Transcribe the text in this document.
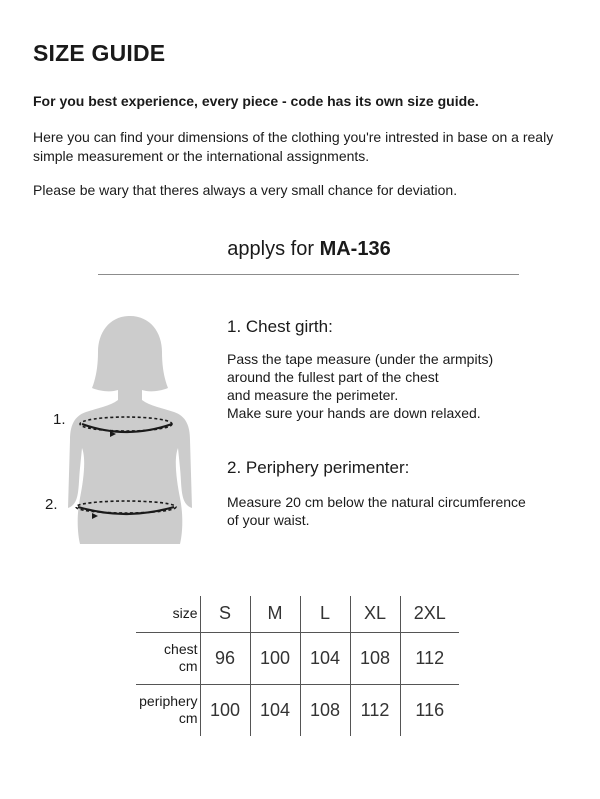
SIZE GUIDE
For you best experience, every piece - code has its own size guide.
Here you can find your dimensions of the clothing you're intrested in base on a realy simple measurement or the international assignments.
Please be wary that theres always a very small chance for deviation.
applys for MA-136
1.
2.
1. Chest girth:
Pass the tape measure (under the armpits)
around the fullest part of the chest
and measure the perimeter.
Make sure your hands are down relaxed.
2. Periphery perimenter:
Measure 20 cm below the natural circumference
of your waist.
size	S	M	L	XL	2XL

chest
cm	96	100	104	108	112

periphery
cm	100	104	108	112	116
